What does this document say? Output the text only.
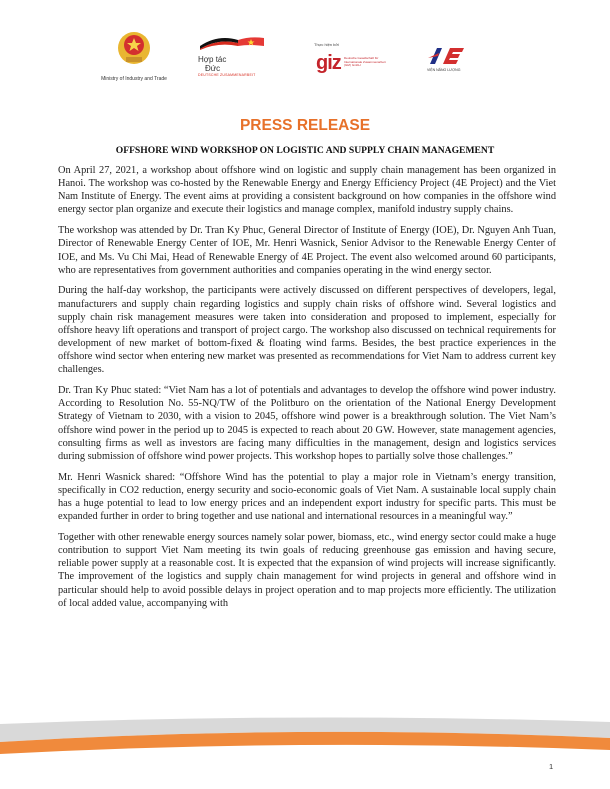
Ministry of Industry and Trade
Hợp tác
Đức
DEUTSCHE ZUSAMMENARBEIT
Thực hiện bởi
giz Deutsche Gesellschaft für Internationale Zusammenarbeit (GIZ) GmbH
VIỆN NĂNG LƯỢNG
PRESS RELEASE
OFFSHORE WIND WORKSHOP ON LOGISTIC AND SUPPLY CHAIN MANAGEMENT

On April 27, 2021, a workshop about offshore wind on logistic and supply chain management has been organized in Hanoi. The workshop was co-hosted by the Renewable Energy and Energy Efficiency Project (4E Project) and the Viet Nam Institute of Energy. The event aims at providing a consistent background on how companies in the offshore wind energy sector plan organize and execute their logistics and manage complex, manifold industry supply chains.

The workshop was attended by Dr. Tran Ky Phuc, General Director of Institute of Energy (IOE), Dr. Nguyen Anh Tuan, Director of Renewable Energy Center of IOE, Mr. Henri Wasnick, Senior Advisor to the Renewable Energy Center of IOE, and Ms. Vu Chi Mai, Head of Renewable Energy of 4E Project. The event also welcomed around 60 participants, who are representatives from government authorities and companies operating in the wind energy sector.

During the half-day workshop, the participants were actively discussed on different perspectives of developers, legal, manufacturers and supply chain regarding logistics and supply chain risks of offshore wind. Several logistics and supply chain risk management measures were taken into consideration and proposed to implement, especially for offshore heavy lift operations and transport of project cargo. The workshop also discussed on technical requirements for development of new market of bottom-fixed & floating wind farms. Besides, the best practice experiences in the offshore wind sector when entering new market was presented as recommendations for Viet Nam to address current key challenges.

Dr. Tran Ky Phuc stated: “Viet Nam has a lot of potentials and advantages to develop the offshore wind power industry. According to Resolution No. 55-NQ/TW of the Politburo on the orientation of the National Energy Development Strategy of Vietnam to 2030, with a vision to 2045, offshore wind power is a breakthrough solution. The Viet Nam’s offshore wind power in the period up to 2045 is expected to reach about 20 GW. However, state management agencies, consulting firms as well as investors are facing many difficulties in the management, design and logistics services during submission of offshore wind power projects. This workshop hopes to partially solve those challenges.”

Mr. Henri Wasnick shared: “Offshore Wind has the potential to play a major role in Vietnam’s energy transition, specifically in CO2 reduction, energy security and socio-economic goals of Viet Nam. A sustainable local supply chain has a huge potential to lead to low energy prices and an independent export industry for specific parts. This must be expanded further in order to bring together and use national and international resources in a meaningful way.”

Together with other renewable energy sources namely solar power, biomass, etc., wind energy sector could make a huge contribution to support Viet Nam meeting its twin goals of reducing greenhouse gas emission and having secure, reliable power supply at a reasonable cost. It is expected that the expansion of wind projects will increase significantly. The improvement of the logistics and supply chain management for wind projects in general and offshore wind in particular should help to avoid possible delays in project operation and to map projects more efficiently. The utilization of local added value, accompanying with

1
